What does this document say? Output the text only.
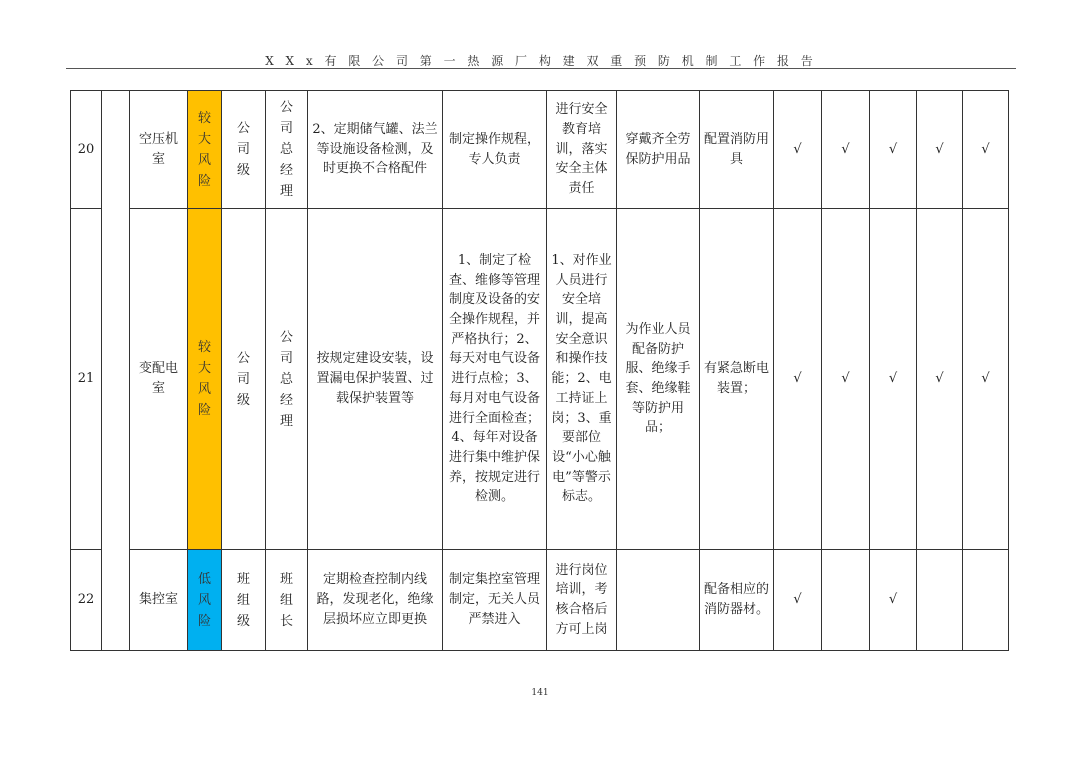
X X x 有 限 公 司 第 一 热 源 厂 构 建 双 重 预 防 机 制 工 作 报 告
20		空压机室	较大风险	公司级	公司总经理	2、定期储气罐、法兰等设施设备检测，及时更换不合格配件	制定操作规程，专人负责	进行安全教育培训，落实安全主体责任	穿戴齐全劳保防护用品	配置消防用具	√	√	√	√	√
21		变配电室	较大风险	公司级	公司总经理	按规定建设安装，设置漏电保护装置、过载保护装置等	1、制定了检查、维修等管理制度及设备的安全操作规程，并严格执行；2、每天对电气设备进行点检；3、每月对电气设备进行全面检查；4、每年对设备进行集中维护保养，按规定进行检测。	1、对作业人员进行安全培训，提高安全意识和操作技能；2、电工持证上岗；3、重要部位设“小心触电”等警示标志。	为作业人员配备防护服、绝缘手套、绝缘鞋等防护用品；	有紧急断电装置；	√	√	√	√	√
22		集控室	低风险	班组级	班组长	定期检查控制内线路，发现老化，绝缘层损坏应立即更换	制定集控室管理制定，无关人员严禁进入	进行岗位培训，考核合格后方可上岗		配备相应的消防器材。	√		√		
141
